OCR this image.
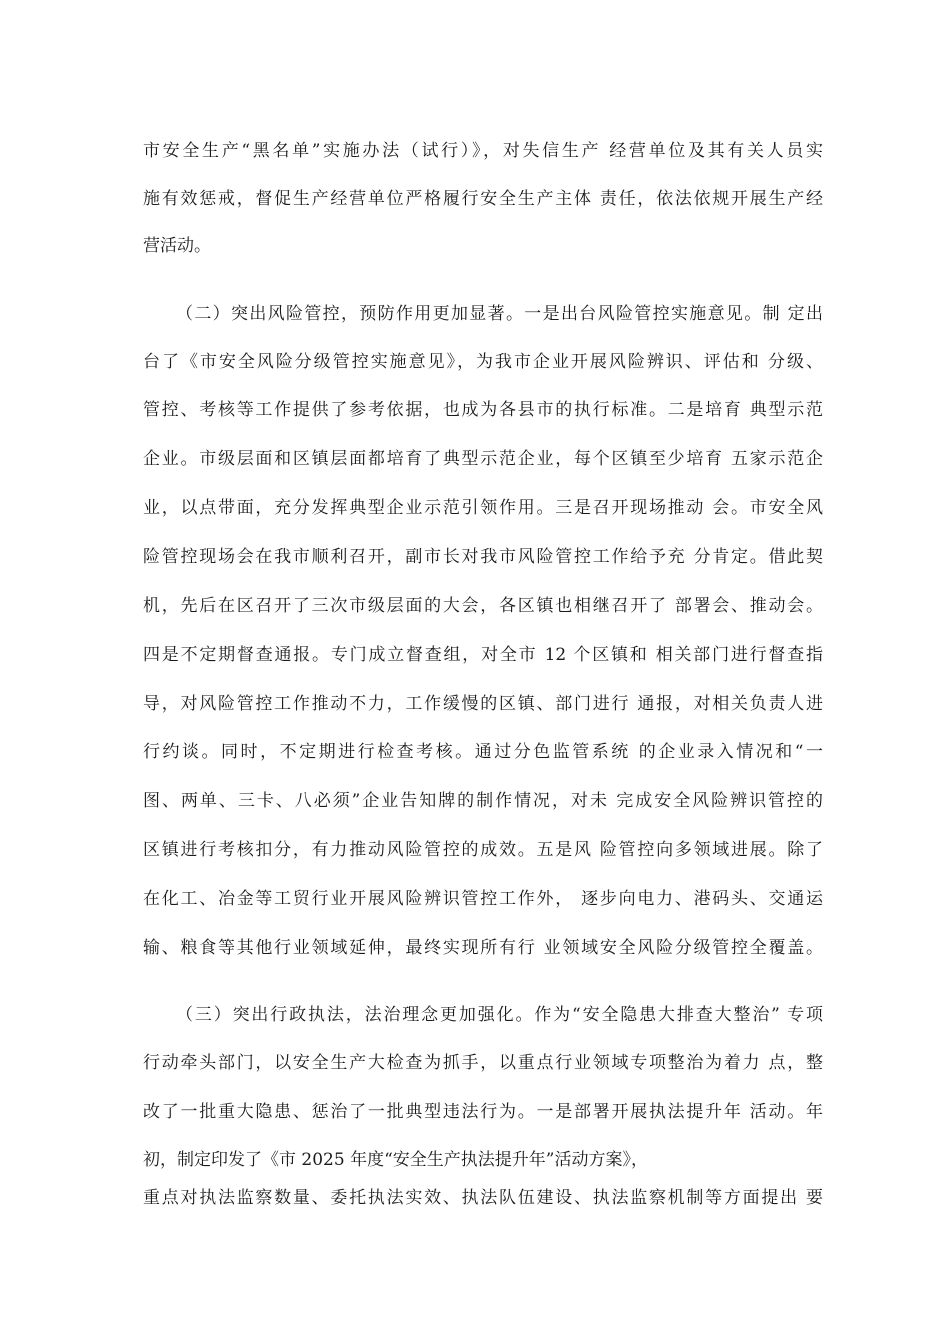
市安全生产“黑名单”实施办法（试行）》，对失信生产 经营单位及其有关人员实
施有效惩戒，督促生产经营单位严格履行安全生产主体 责任，依法依规开展生产经
营活动。
（二）突出风险管控，预防作用更加显著。一是出台风险管控实施意见。制 定出
台了《市安全风险分级管控实施意见》，为我市企业开展风险辨识、评估和 分级、
管控、考核等工作提供了参考依据，也成为各县市的执行标准。二是培育 典型示范
企业。市级层面和区镇层面都培育了典型示范企业，每个区镇至少培育 五家示范企
业，以点带面，充分发挥典型企业示范引领作用。三是召开现场推动 会。市安全风
险管控现场会在我市顺利召开，副市长对我市风险管控工作给予充 分肯定。借此契
机，先后在区召开了三次市级层面的大会，各区镇也相继召开了 部署会、推动会。
四是不定期督查通报。专门成立督查组，对全市 12 个区镇和 相关部门进行督查指
导，对风险管控工作推动不力，工作缓慢的区镇、部门进行 通报，对相关负责人进
行约谈。同时，不定期进行检查考核。通过分色监管系统 的企业录入情况和“一
图、两单、三卡、八必须”企业告知牌的制作情况，对未 完成安全风险辨识管控的
区镇进行考核扣分，有力推动风险管控的成效。五是风 险管控向多领域进展。除了
在化工、冶金等工贸行业开展风险辨识管控工作外， 逐步向电力、港码头、交通运
输、粮食等其他行业领域延伸，最终实现所有行 业领域安全风险分级管控全覆盖。
（三）突出行政执法，法治理念更加强化。作为“安全隐患大排查大整治” 专项
行动牵头部门，以安全生产大检查为抓手，以重点行业领域专项整治为着力 点，整
改了一批重大隐患、惩治了一批典型违法行为。一是部署开展执法提升年 活动。年
初，制定印发了《市 2025 年度“安全生产执法提升年”活动方案》，
重点对执法监察数量、委托执法实效、执法队伍建设、执法监察机制等方面提出 要
